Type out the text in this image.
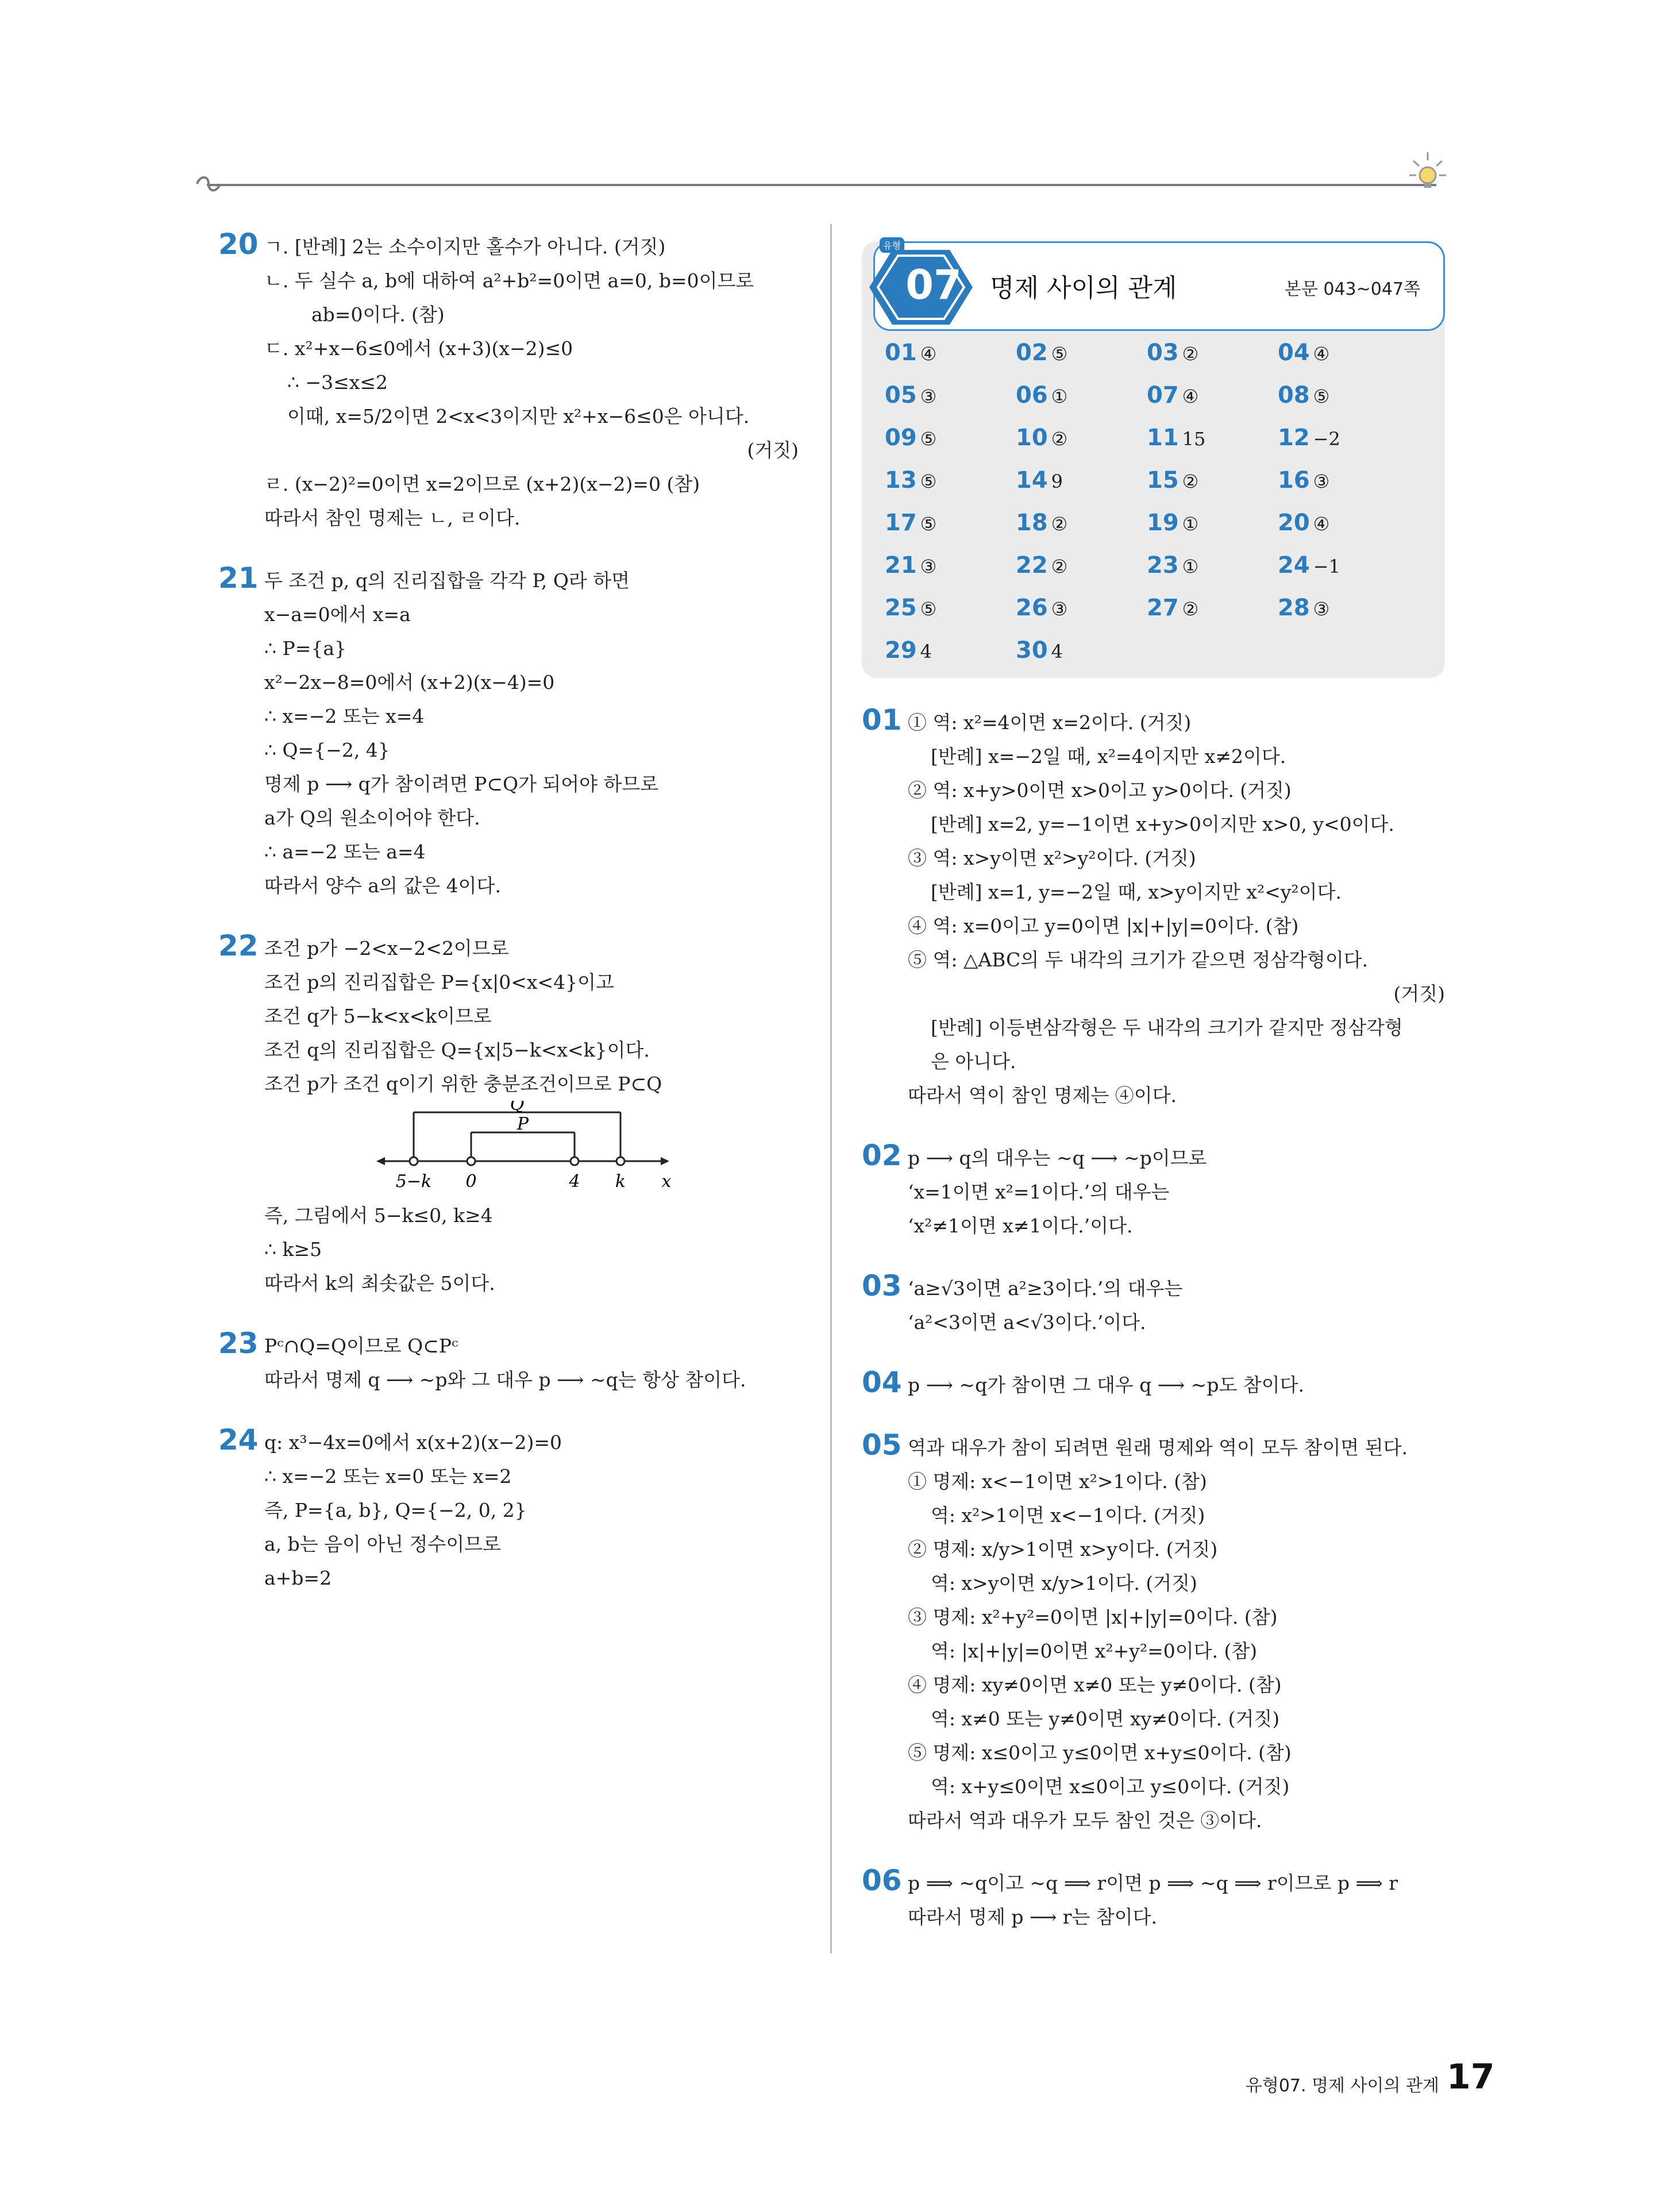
20 ㄱ. [반례] 2는 소수이지만 홀수가 아니다. (거짓)
ㄴ. 두 실수 a, b에 대하여 a²+b²=0이면 a=0, b=0이므로
ab=0이다. (참)
ㄷ. x²+x−6≤0에서 (x+3)(x−2)≤0
∴ −3≤x≤2
이때, x=5/2이면 2<x<3이지만 x²+x−6≤0은 아니다.
(거짓)
ㄹ. (x−2)²=0이면 x=2이므로 (x+2)(x−2)=0 (참)
따라서 참인 명제는 ㄴ, ㄹ이다.
21 두 조건 p, q의 진리집합을 각각 P, Q라 하면
x−a=0에서 x=a
∴ P={a}
x²−2x−8=0에서 (x+2)(x−4)=0
∴ x=−2 또는 x=4
∴ Q={−2, 4}
명제 p ⟶ q가 참이려면 P⊂Q가 되어야 하므로
a가 Q의 원소이어야 한다.
∴ a=−2 또는 a=4
따라서 양수 a의 값은 4이다.
22 조건 p가 −2<x−2<2이므로
조건 p의 진리집합은 P={x|0<x<4}이고
조건 q가 5−k<x<k이므로
조건 q의 진리집합은 Q={x|5−k<x<k}이다.
조건 p가 조건 q이기 위한 충분조건이므로 P⊂Q
Q
P
5−k 0	4 k x
즉, 그림에서 5−k≤0, k≥4
∴ k≥5
따라서 k의 최솟값은 5이다.
23 Pᶜ∩Q=Q이므로 Q⊂Pᶜ
따라서 명제 q ⟶ ~p와 그 대우 p ⟶ ~q는 항상 참이다.
24 q: x³−4x=0에서 x(x+2)(x−2)=0
∴ x=−2 또는 x=0 또는 x=2
즉, P={a, b}, Q={−2, 0, 2}
a, b는 음이 아닌 정수이므로
a+b=2
유형
07	명제 사이의 관계	본문 043~047쪽
01 ④	02 ⑤	03 ②	04 ④
05 ③	06 ①	07 ④	08 ⑤
09 ⑤	10 ②	11 15	12 −2
13 ⑤	14 9	15 ②	16 ③
17 ⑤	18 ②	19 ①	20 ④
21 ③	22 ②	23 ①	24 −1
25 ⑤	26 ③	27 ②	28 ③
29 4	30 4
01 ① 역: x²=4이면 x=2이다. (거짓)
[반례] x=−2일 때, x²=4이지만 x≠2이다.
② 역: x+y>0이면 x>0이고 y>0이다. (거짓)
[반례] x=2, y=−1이면 x+y>0이지만 x>0, y<0이다.
③ 역: x>y이면 x²>y²이다. (거짓)
[반례] x=1, y=−2일 때, x>y이지만 x²<y²이다.
④ 역: x=0이고 y=0이면 |x|+|y|=0이다. (참)
⑤ 역: △ABC의 두 내각의 크기가 같으면 정삼각형이다.
(거짓)
[반례] 이등변삼각형은 두 내각의 크기가 같지만 정삼각형
은 아니다.
따라서 역이 참인 명제는 ④이다.
02 p ⟶ q의 대우는 ~q ⟶ ~p이므로
‘x=1이면 x²=1이다.’의 대우는
‘x²≠1이면 x≠1이다.’이다.
03 ‘a≥√3이면 a²≥3이다.’의 대우는
‘a²<3이면 a<√3이다.’이다.
04 p ⟶ ~q가 참이면 그 대우 q ⟶ ~p도 참이다.
05 역과 대우가 참이 되려면 원래 명제와 역이 모두 참이면 된다.
① 명제: x<−1이면 x²>1이다. (참)
역: x²>1이면 x<−1이다. (거짓)
② 명제: x/y>1이면 x>y이다. (거짓)
역: x>y이면 x/y>1이다. (거짓)
③ 명제: x²+y²=0이면 |x|+|y|=0이다. (참)
역: |x|+|y|=0이면 x²+y²=0이다. (참)
④ 명제: xy≠0이면 x≠0 또는 y≠0이다. (참)
역: x≠0 또는 y≠0이면 xy≠0이다. (거짓)
⑤ 명제: x≤0이고 y≤0이면 x+y≤0이다. (참)
역: x+y≤0이면 x≤0이고 y≤0이다. (거짓)
따라서 역과 대우가 모두 참인 것은 ③이다.
06 p ⟹ ~q이고 ~q ⟹ r이면 p ⟹ ~q ⟹ r이므로 p ⟹ r
따라서 명제 p ⟶ r는 참이다.
유형07. 명제 사이의 관계 17
